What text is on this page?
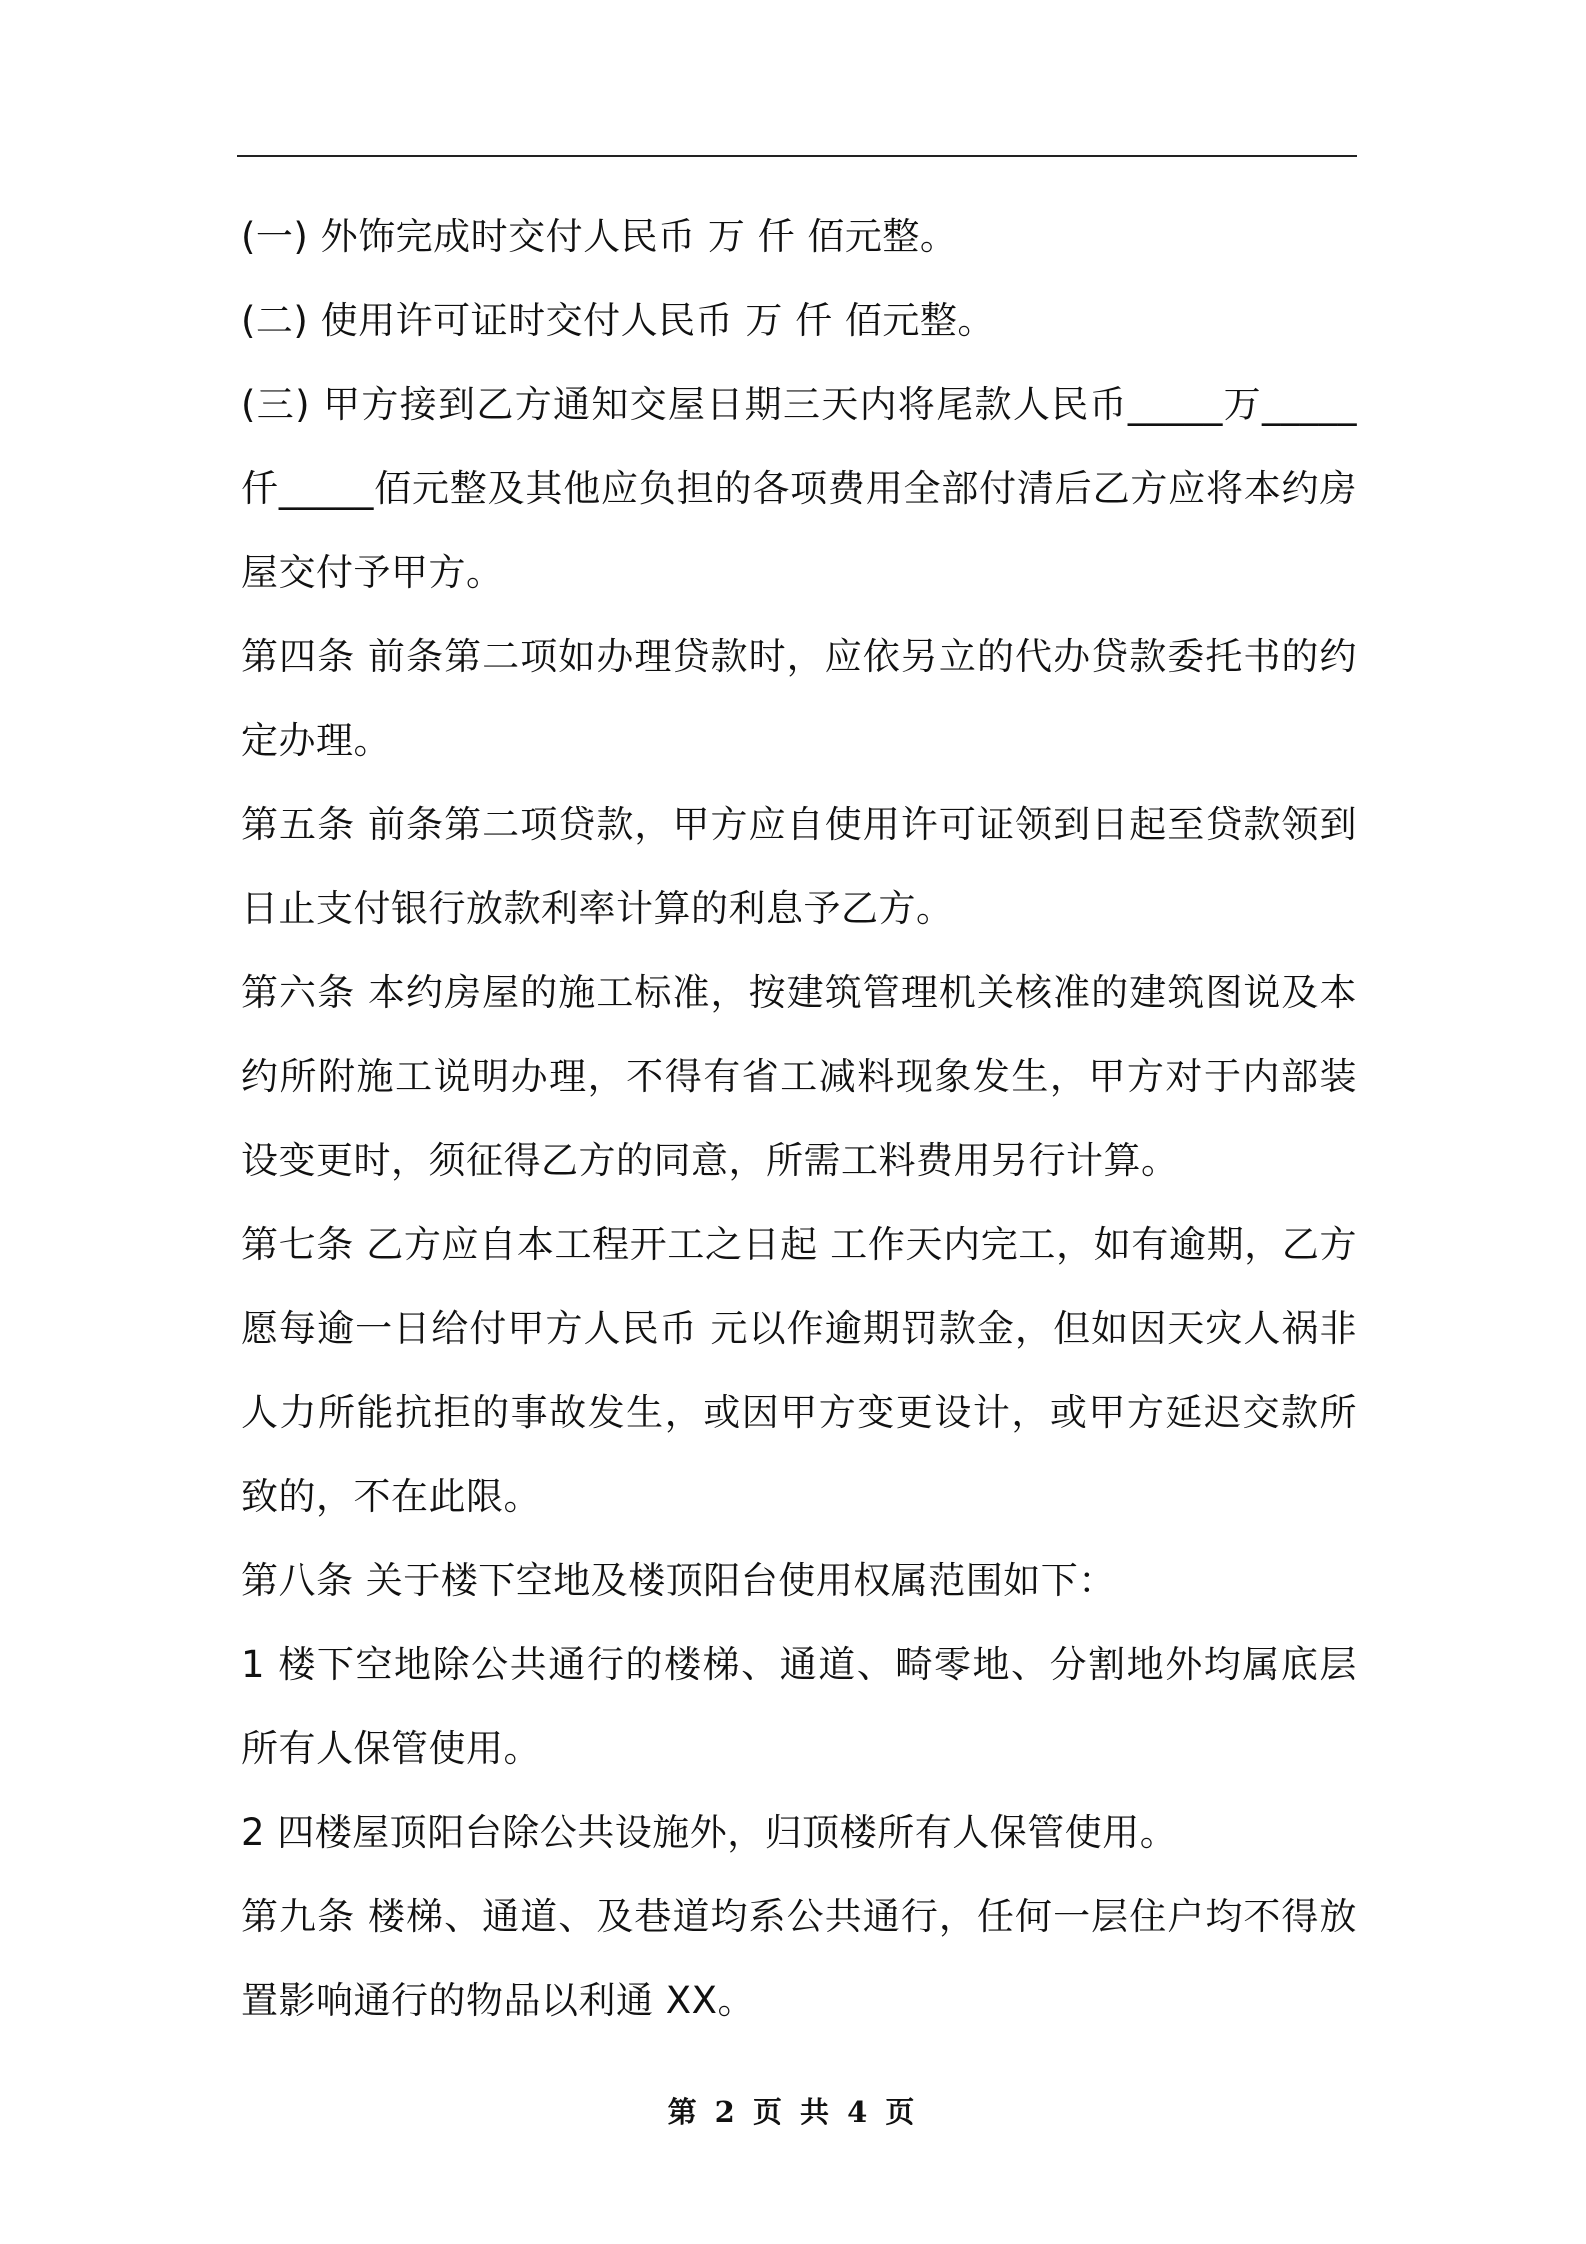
(一) 外饰完成时交付人民币 万 仟 佰元整。

(二) 使用许可证时交付人民币 万 仟 佰元整。

(三) 甲方接到乙方通知交屋日期三天内将尾款人民币_____万_____仟_____佰元整及其他应负担的各项费用全部付清后乙方应将本约房屋交付予甲方。

第四条 前条第二项如办理贷款时，应依另立的代办贷款委托书的约定办理。

第五条 前条第二项贷款，甲方应自使用许可证领到日起至贷款领到日止支付银行放款利率计算的利息予乙方。

第六条 本约房屋的施工标准，按建筑管理机关核准的建筑图说及本约所附施工说明办理，不得有省工减料现象发生，甲方对于内部装设变更时，须征得乙方的同意，所需工料费用另行计算。

第七条 乙方应自本工程开工之日起 工作天内完工，如有逾期，乙方愿每逾一日给付甲方人民币 元以作逾期罚款金，但如因天灾人祸非人力所能抗拒的事故发生，或因甲方变更设计，或甲方延迟交款所致的，不在此限。

第八条 关于楼下空地及楼顶阳台使用权属范围如下：

1 楼下空地除公共通行的楼梯、通道、畸零地、分割地外均属底层所有人保管使用。

2 四楼屋顶阳台除公共设施外，归顶楼所有人保管使用。

第九条 楼梯、通道、及巷道均系公共通行，任何一层住户均不得放置影响通行的物品以利通 XX。

第 2 页 共 4 页
